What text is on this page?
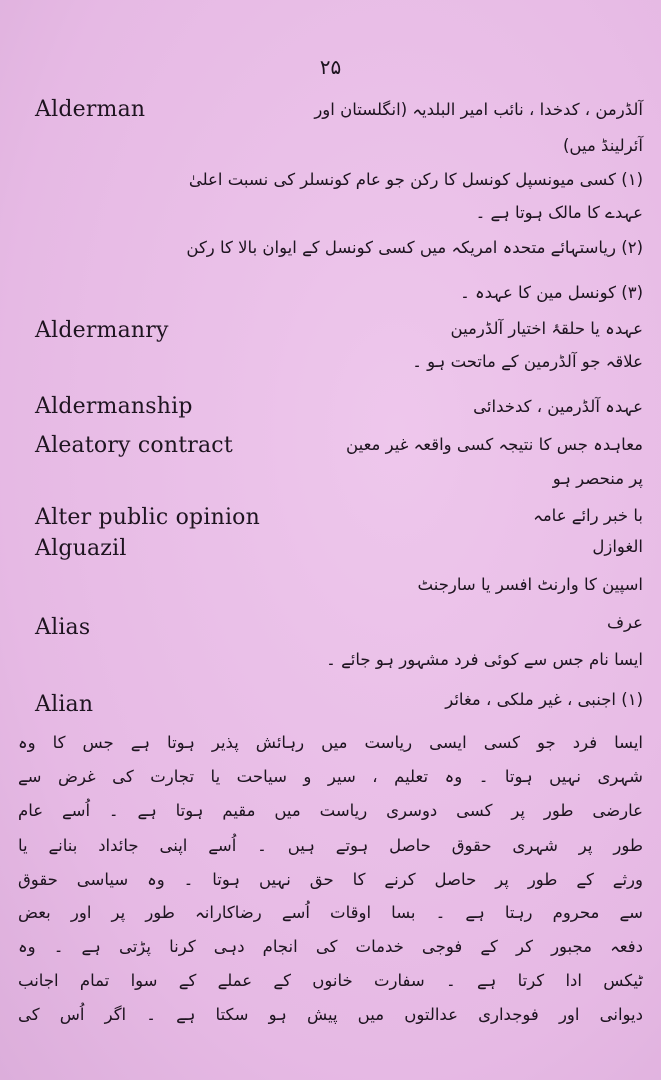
۲۵
Alderman	آلڈرمن ، کدخدا ، نائب امیر البلدیہ (انگلستان اور
آئرلینڈ میں)
(۱) کسی میونسپل کونسل کا رکن جو عام کونسلر کی نسبت اعلیٰ
عہدے کا مالک ہوتا ہے ۔
(۲) ریاستہائے متحدہ امریکہ میں کسی کونسل کے ایوان بالا کا رکن
(۳) کونسل مین کا عہدہ ۔
Aldermanry	عہدہ یا حلقۂ اختیار آلڈرمین
علاقہ جو آلڈرمین کے ماتحت ہو ۔
Aldermanship	عہدہ آلڈرمین ، کدخدائی
Aleatory contract	معاہدہ جس کا نتیجہ کسی واقعہ غیر معین
پر منحصر ہو
Alter public opinion	با خبر رائے عامہ
Alguazil	الغوازل
اسپین کا وارنٹ افسر یا سارجنٹ
Alias	عرف
ایسا نام جس سے کوئی فرد مشہور ہو جائے ۔
Alian	(۱) اجنبی ، غیر ملکی ، مغائر
ایسا فرد جو کسی ایسی ریاست میں رہائش پذیر ہوتا ہے جس کا وہ
شہری نہیں ہوتا ۔ وہ تعلیم ، سیر و سیاحت یا تجارت کی غرض سے
عارضی طور پر کسی دوسری ریاست میں مقیم ہوتا ہے ۔ اُسے عام
طور پر شہری حقوق حاصل ہوتے ہیں ۔ اُسے اپنی جائداد بنانے یا
ورثے کے طور پر حاصل کرنے کا حق نہیں ہوتا ۔ وہ سیاسی حقوق
سے محروم رہتا ہے ۔ بسا اوقات اُسے رضاکارانہ طور پر اور بعض
دفعہ مجبور کر کے فوجی خدمات کی انجام دہی کرنا پڑتی ہے ۔ وہ
ٹیکس ادا کرتا ہے ۔ سفارت خانوں کے عملے کے سوا تمام اجانب
دیوانی اور فوجداری عدالتوں میں پیش ہو سکتا ہے ۔ اگر اُس کی
